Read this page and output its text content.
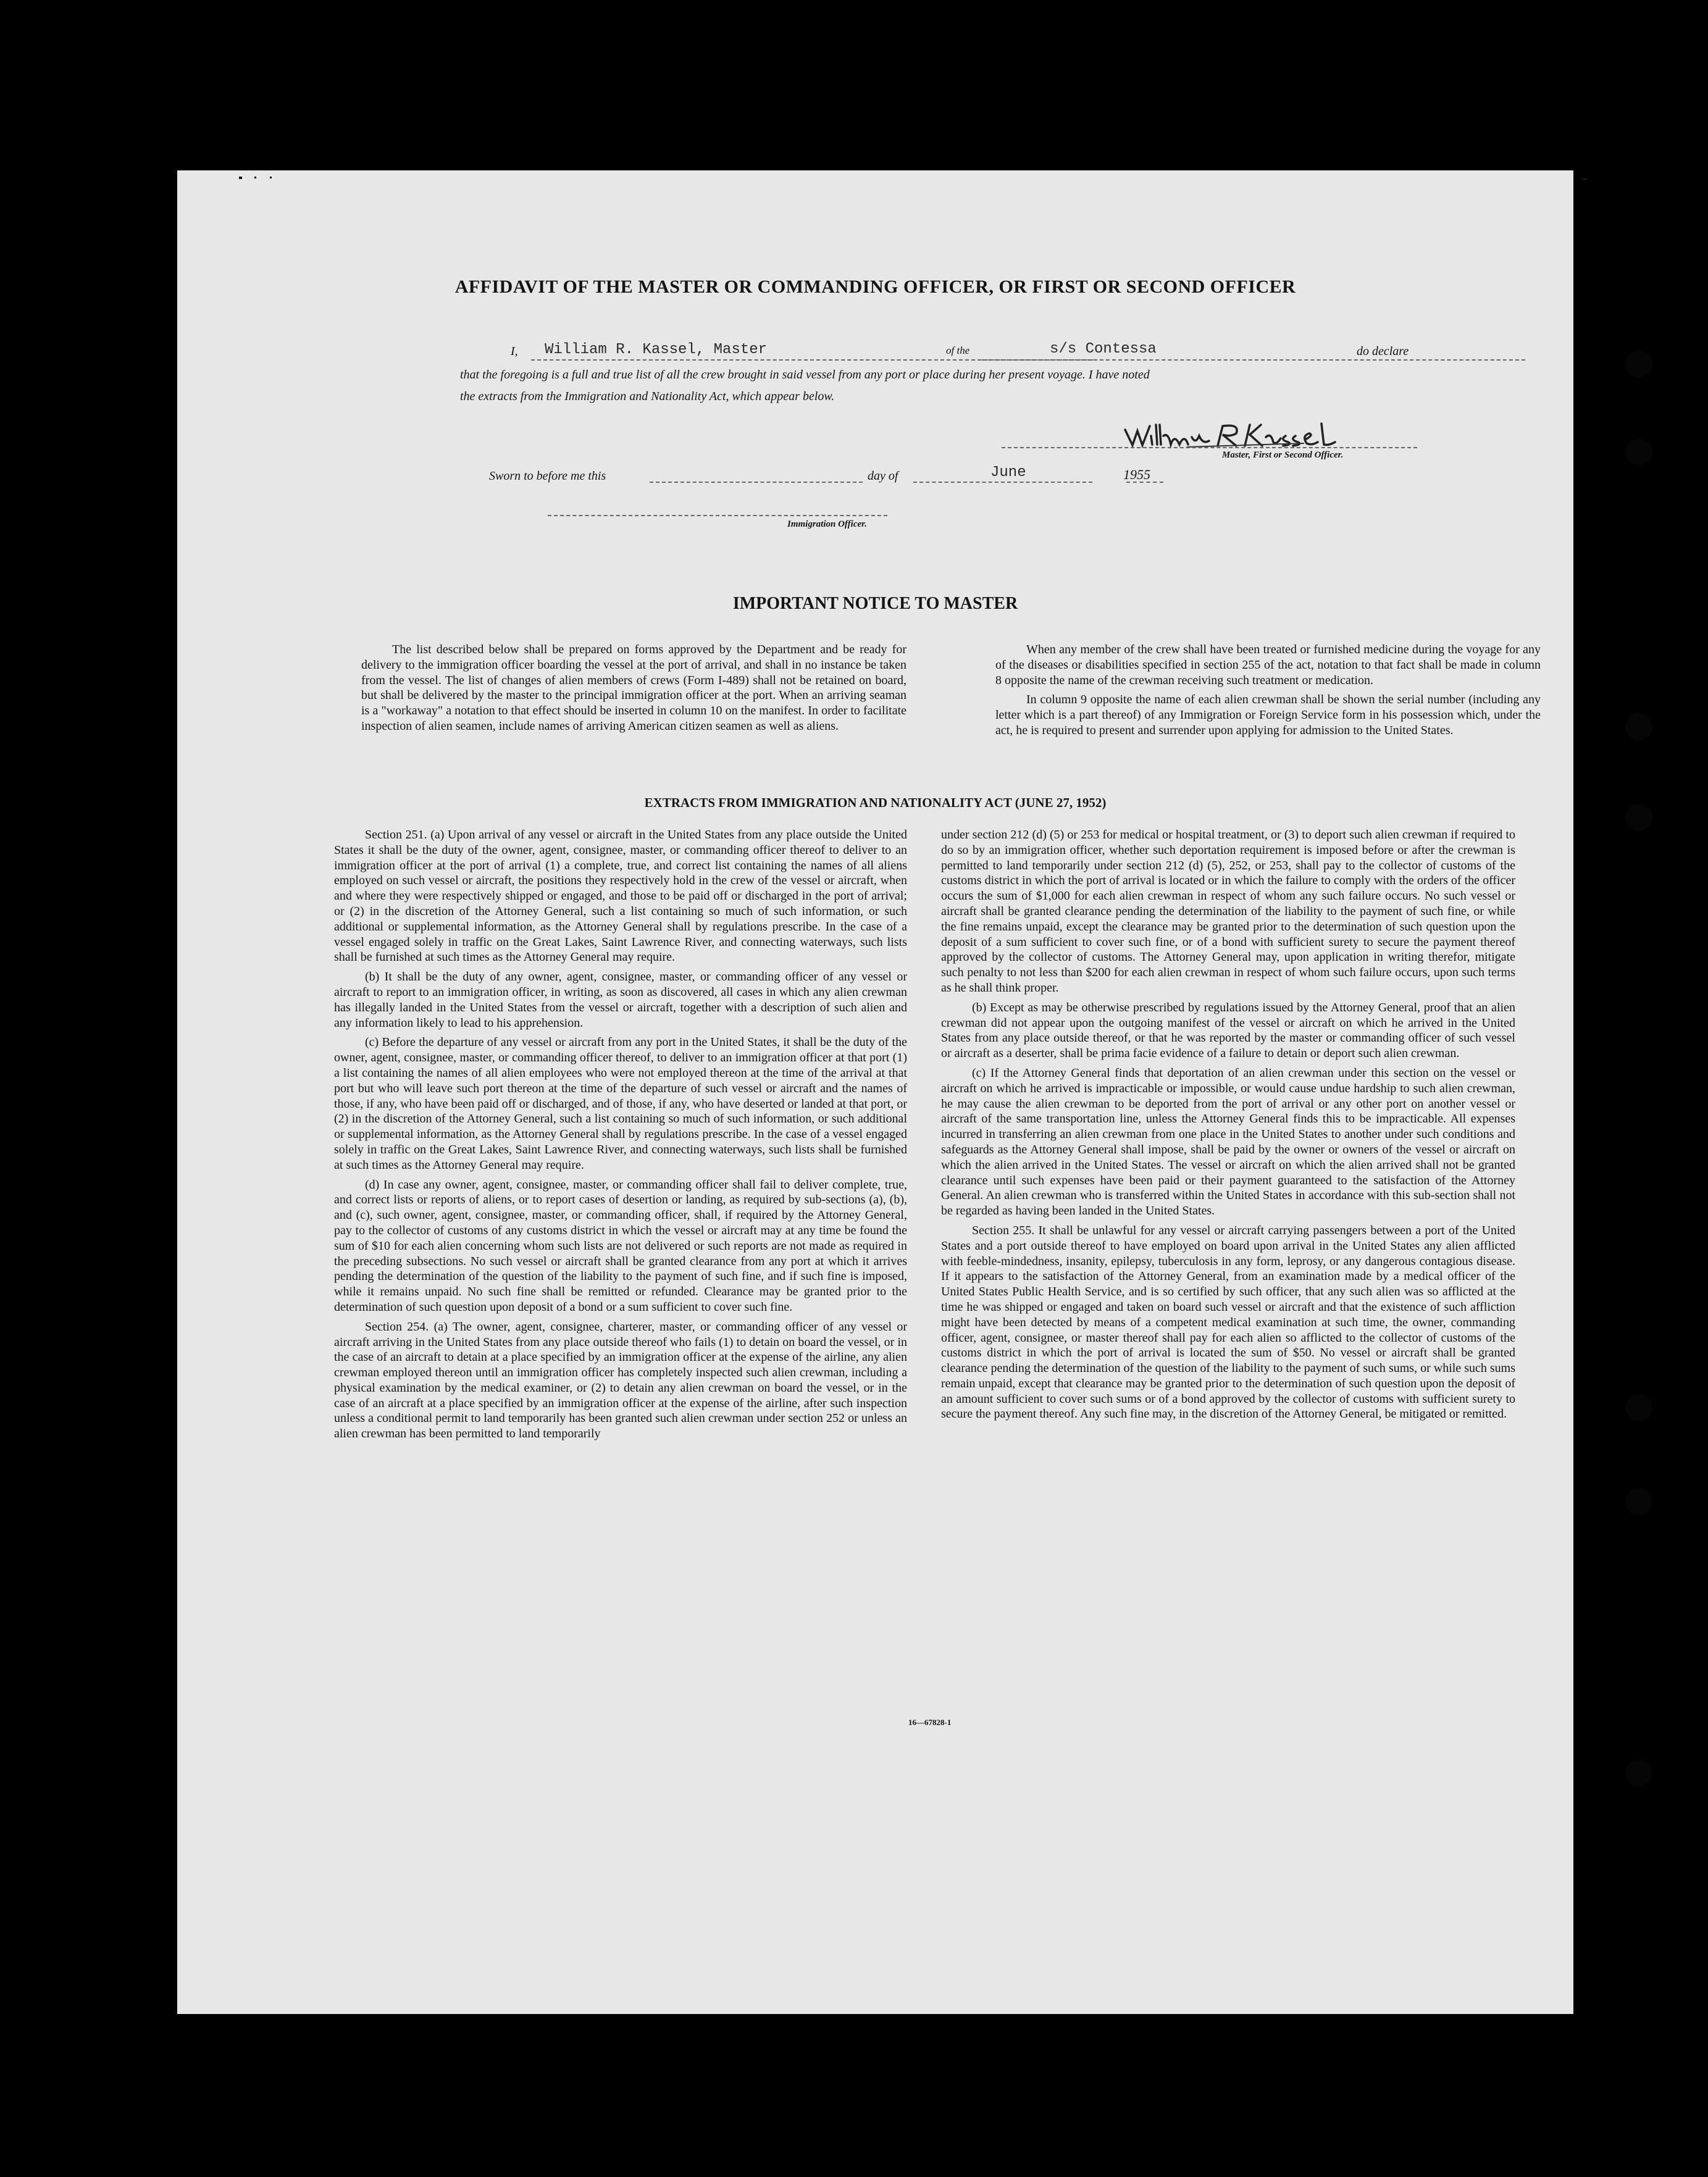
AFFIDAVIT OF THE MASTER OR COMMANDING OFFICER, OR FIRST OR SECOND OFFICER
I, William R. Kassel, Master	of the	s/s Contessa	do declare
that the foregoing is a full and true list of all the crew brought in said vessel from any port or place during her present voyage. I have noted
the extracts from the Immigration and Nationality Act, which appear below.
Master, First or Second Officer.
Sworn to before me this	day of	June	1955
Immigration Officer.
IMPORTANT NOTICE TO MASTER

The list described below shall be prepared on forms approved by the Department and be ready for delivery to the immigration officer boarding the vessel at the port of arrival, and shall in no instance be taken from the vessel. The list of changes of alien members of crews (Form I-489) shall not be retained on board, but shall be delivered by the master to the principal immigration officer at the port. When an arriving seaman is a "workaway" a notation to that effect should be inserted in column 10 on the manifest. In order to facilitate inspection of alien seamen, include names of arriving American citizen seamen as well as aliens.

When any member of the crew shall have been treated or furnished medicine during the voyage for any of the diseases or disabilities specified in section 255 of the act, notation to that fact shall be made in column 8 opposite the name of the crewman receiving such treatment or medication.

In column 9 opposite the name of each alien crewman shall be shown the serial number (including any letter which is a part thereof) of any Immigration or Foreign Service form in his possession which, under the act, he is required to present and surrender upon applying for admission to the United States.

EXTRACTS FROM IMMIGRATION AND NATIONALITY ACT (JUNE 27, 1952)

Section 251. (a) Upon arrival of any vessel or aircraft in the United States from any place outside the United States it shall be the duty of the owner, agent, consignee, master, or commanding officer thereof to deliver to an immigration officer at the port of arrival (1) a complete, true, and correct list containing the names of all aliens employed on such vessel or aircraft, the positions they respectively hold in the crew of the vessel or aircraft, when and where they were respectively shipped or engaged, and those to be paid off or discharged in the port of arrival; or (2) in the discretion of the Attorney General, such a list containing so much of such information, or such additional or supplemental information, as the Attorney General shall by regulations prescribe. In the case of a vessel engaged solely in traffic on the Great Lakes, Saint Lawrence River, and connecting waterways, such lists shall be furnished at such times as the Attorney General may require.

(b) It shall be the duty of any owner, agent, consignee, master, or commanding officer of any vessel or aircraft to report to an immigration officer, in writing, as soon as discovered, all cases in which any alien crewman has illegally landed in the United States from the vessel or aircraft, together with a description of such alien and any information likely to lead to his apprehension.

(c) Before the departure of any vessel or aircraft from any port in the United States, it shall be the duty of the owner, agent, consignee, master, or commanding officer thereof, to deliver to an immigration officer at that port (1) a list containing the names of all alien employees who were not employed thereon at the time of the arrival at that port but who will leave such port thereon at the time of the departure of such vessel or aircraft and the names of those, if any, who have been paid off or discharged, and of those, if any, who have deserted or landed at that port, or (2) in the discretion of the Attorney General, such a list containing so much of such information, or such additional or supplemental information, as the Attorney General shall by regulations prescribe. In the case of a vessel engaged solely in traffic on the Great Lakes, Saint Lawrence River, and connecting waterways, such lists shall be furnished at such times as the Attorney General may require.

(d) In case any owner, agent, consignee, master, or commanding officer shall fail to deliver complete, true, and correct lists or reports of aliens, or to report cases of desertion or landing, as required by sub-sections (a), (b), and (c), such owner, agent, consignee, master, or commanding officer, shall, if required by the Attorney General, pay to the collector of customs of any customs district in which the vessel or aircraft may at any time be found the sum of $10 for each alien concerning whom such lists are not delivered or such reports are not made as required in the preceding subsections. No such vessel or aircraft shall be granted clearance from any port at which it arrives pending the determination of the question of the liability to the payment of such fine, and if such fine is imposed, while it remains unpaid. No such fine shall be remitted or refunded. Clearance may be granted prior to the determination of such question upon deposit of a bond or a sum sufficient to cover such fine.

Section 254. (a) The owner, agent, consignee, charterer, master, or commanding officer of any vessel or aircraft arriving in the United States from any place outside thereof who fails (1) to detain on board the vessel, or in the case of an aircraft to detain at a place specified by an immigration officer at the expense of the airline, any alien crewman employed thereon until an immigration officer has completely inspected such alien crewman, including a physical examination by the medical examiner, or (2) to detain any alien crewman on board the vessel, or in the case of an aircraft at a place specified by an immigration officer at the expense of the airline, after such inspection unless a conditional permit to land temporarily has been granted such alien crewman under section 252 or unless an alien crewman has been permitted to land temporarily

under section 212 (d) (5) or 253 for medical or hospital treatment, or (3) to deport such alien crewman if required to do so by an immigration officer, whether such deportation requirement is imposed before or after the crewman is permitted to land temporarily under section 212 (d) (5), 252, or 253, shall pay to the collector of customs of the customs district in which the port of arrival is located or in which the failure to comply with the orders of the officer occurs the sum of $1,000 for each alien crewman in respect of whom any such failure occurs. No such vessel or aircraft shall be granted clearance pending the determination of the liability to the payment of such fine, or while the fine remains unpaid, except the clearance may be granted prior to the determination of such question upon the deposit of a sum sufficient to cover such fine, or of a bond with sufficient surety to secure the payment thereof approved by the collector of customs. The Attorney General may, upon application in writing therefor, mitigate such penalty to not less than $200 for each alien crewman in respect of whom such failure occurs, upon such terms as he shall think proper.

(b) Except as may be otherwise prescribed by regulations issued by the Attorney General, proof that an alien crewman did not appear upon the outgoing manifest of the vessel or aircraft on which he arrived in the United States from any place outside thereof, or that he was reported by the master or commanding officer of such vessel or aircraft as a deserter, shall be prima facie evidence of a failure to detain or deport such alien crewman.

(c) If the Attorney General finds that deportation of an alien crewman under this section on the vessel or aircraft on which he arrived is impracticable or impossible, or would cause undue hardship to such alien crewman, he may cause the alien crewman to be deported from the port of arrival or any other port on another vessel or aircraft of the same transportation line, unless the Attorney General finds this to be impracticable. All expenses incurred in transferring an alien crewman from one place in the United States to another under such conditions and safeguards as the Attorney General shall impose, shall be paid by the owner or owners of the vessel or aircraft on which the alien arrived in the United States. The vessel or aircraft on which the alien arrived shall not be granted clearance until such expenses have been paid or their payment guaranteed to the satisfaction of the Attorney General. An alien crewman who is transferred within the United States in accordance with this sub-section shall not be regarded as having been landed in the United States.

Section 255. It shall be unlawful for any vessel or aircraft carrying passengers between a port of the United States and a port outside thereof to have employed on board upon arrival in the United States any alien afflicted with feeble-mindedness, insanity, epilepsy, tuberculosis in any form, leprosy, or any dangerous contagious disease. If it appears to the satisfaction of the Attorney General, from an examination made by a medical officer of the United States Public Health Service, and is so certified by such officer, that any such alien was so afflicted at the time he was shipped or engaged and taken on board such vessel or aircraft and that the existence of such affliction might have been detected by means of a competent medical examination at such time, the owner, commanding officer, agent, consignee, or master thereof shall pay for each alien so afflicted to the collector of customs of the customs district in which the port of arrival is located the sum of $50. No vessel or aircraft shall be granted clearance pending the determination of the question of the liability to the payment of such sums, or while such sums remain unpaid, except that clearance may be granted prior to the determination of such question upon the deposit of an amount sufficient to cover such sums or of a bond approved by the collector of customs with sufficient surety to secure the payment thereof. Any such fine may, in the discretion of the Attorney General, be mitigated or remitted.

16—67828-1
